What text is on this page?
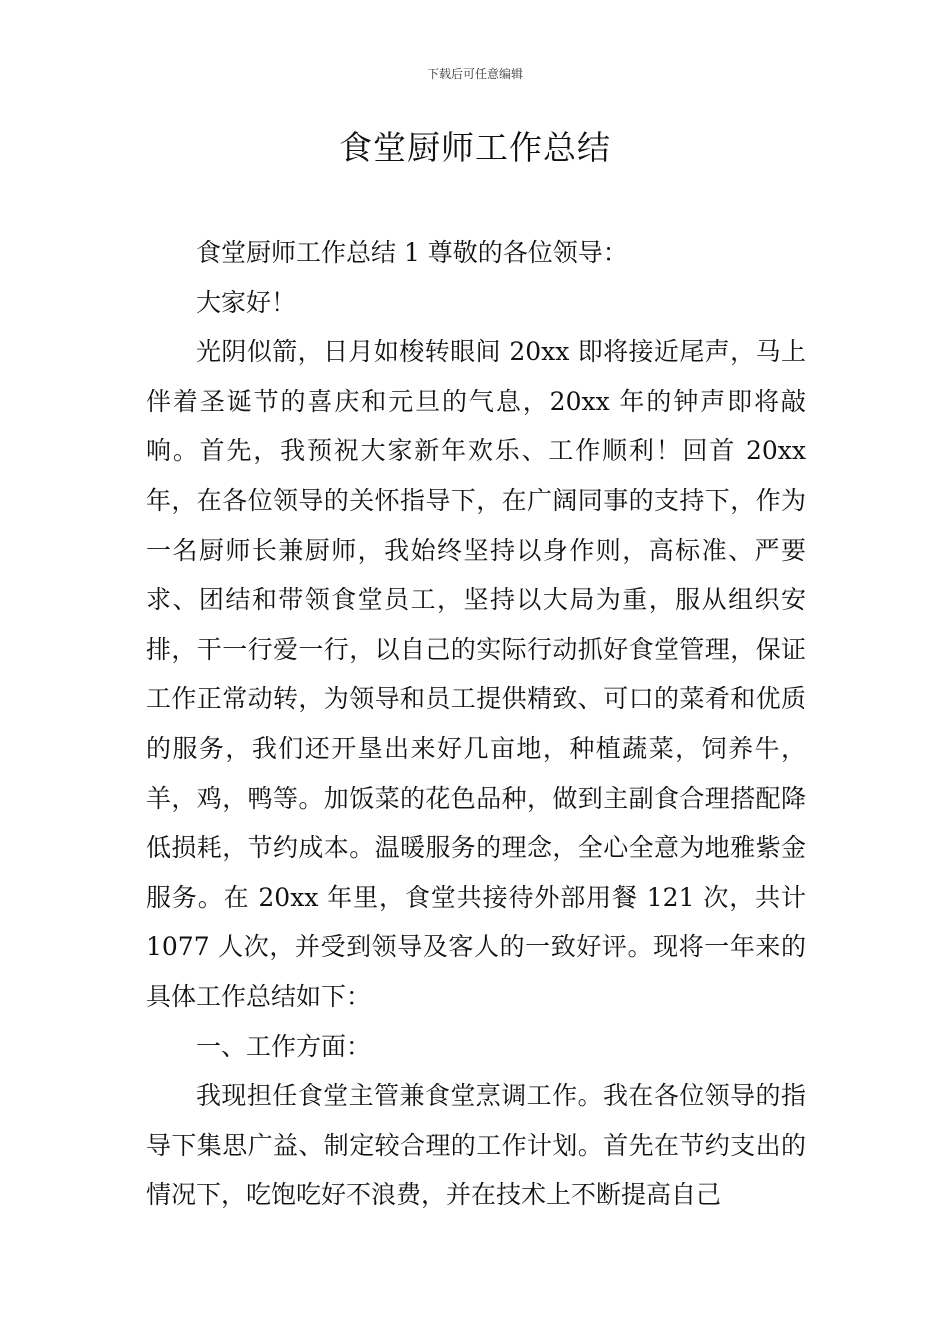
下载后可任意编辑
食堂厨师工作总结

食堂厨师工作总结 1 尊敬的各位领导：

大家好！

光阴似箭，日月如梭转眼间 20xx 即将接近尾声，马上伴着圣诞节的喜庆和元旦的气息，20xx 年的钟声即将敲响。首先，我预祝大家新年欢乐、工作顺利！回首 20xx 年，在各位领导的关怀指导下，在广阔同事的支持下，作为一名厨师长兼厨师，我始终坚持以身作则，高标准、严要求、团结和带领食堂员工，坚持以大局为重，服从组织安排，干一行爱一行，以自己的实际行动抓好食堂管理，保证工作正常动转，为领导和员工提供精致、可口的菜肴和优质的服务，我们还开垦出来好几亩地，种植蔬菜，饲养牛，羊，鸡，鸭等。加饭菜的花色品种，做到主副食合理搭配降低损耗，节约成本。温暖服务的理念，全心全意为地雅紫金服务。在 20xx 年里，食堂共接待外部用餐 121 次，共计 1077 人次，并受到领导及客人的一致好评。现将一年来的具体工作总结如下：

一、工作方面：

我现担任食堂主管兼食堂烹调工作。我在各位领导的指导下集思广益、制定较合理的工作计划。首先在节约支出的情况下，吃饱吃好不浪费，并在技术上不断提高自己
